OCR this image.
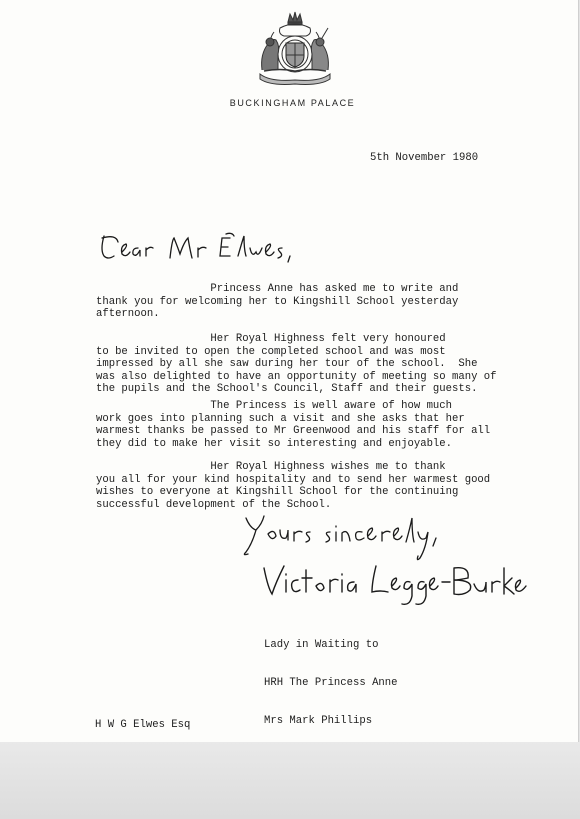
BUCKINGHAM PALACE
5th November 1980
Princess Anne has asked me to write and
thank you for welcoming her to Kingshill School yesterday
afternoon.
Her Royal Highness felt very honoured
to be invited to open the completed school and was most
impressed by all she saw during her tour of the school.  She
was also delighted to have an opportunity of meeting so many of
the pupils and the School's Council, Staff and their guests.
The Princess is well aware of how much
work goes into planning such a visit and she asks that her
warmest thanks be passed to Mr Greenwood and his staff for all
they did to make her visit so interesting and enjoyable.
Her Royal Highness wishes me to thank
you all for your kind hospitality and to send her warmest good
wishes to everyone at Kingshill School for the continuing
successful development of the School.

Lady in Waiting to

HRH The Princess Anne

Mrs Mark Phillips

H W G Elwes Esq
